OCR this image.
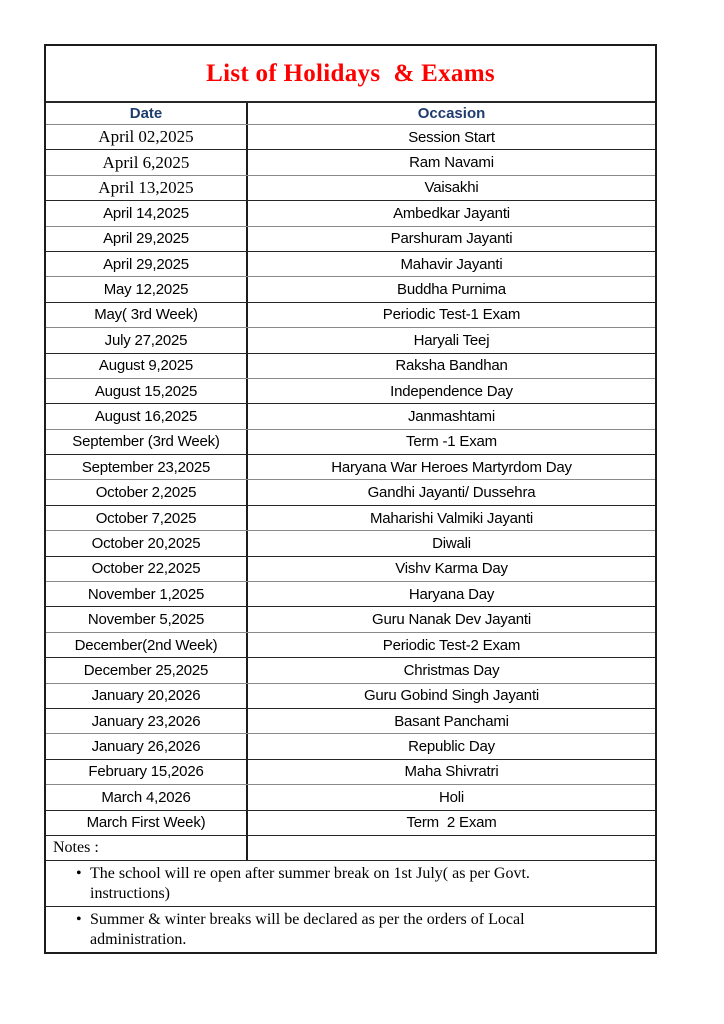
List of Holidays  & Exams
Date	Occasion
April 02,2025	Session Start
April 6,2025	Ram Navami
April 13,2025	Vaisakhi
April 14,2025	Ambedkar Jayanti
April 29,2025	Parshuram Jayanti
April 29,2025	Mahavir Jayanti
May 12,2025	Buddha Purnima
May( 3rd Week)	Periodic Test-1 Exam
July 27,2025	Haryali Teej
August 9,2025	Raksha Bandhan
August 15,2025	Independence Day
August 16,2025	Janmashtami
September (3rd Week)	Term -1 Exam
September 23,2025	Haryana War Heroes Martyrdom Day
October 2,2025	Gandhi Jayanti/ Dussehra
October 7,2025	Maharishi Valmiki Jayanti
October 20,2025	Diwali
October 22,2025	Vishv Karma Day
November 1,2025	Haryana Day
November 5,2025	Guru Nanak Dev Jayanti
December(2nd Week)	Periodic Test-2 Exam
December 25,2025	Christmas Day
January 20,2026	Guru Gobind Singh Jayanti
January 23,2026	Basant Panchami
January 26,2026	Republic Day
February 15,2026	Maha Shivratri
March 4,2026	Holi
March First Week)	Term  2 Exam
Notes :
• The school will re open after summer break on 1st July( as per Govt. instructions)
• Summer & winter breaks will be declared as per the orders of Local administration.
